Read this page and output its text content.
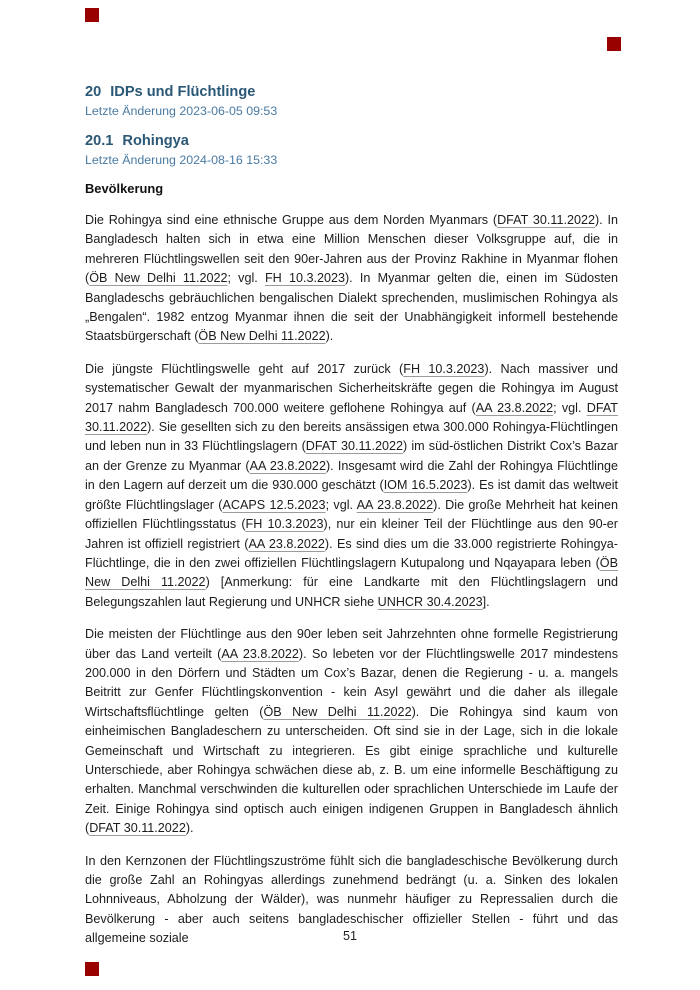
20 IDPs und Flüchtlinge
Letzte Änderung 2023-06-05 09:53
20.1 Rohingya
Letzte Änderung 2024-08-16 15:33
Bevölkerung

Die Rohingya sind eine ethnische Gruppe aus dem Norden Myanmars (DFAT 30.11.2022). In Bangladesch halten sich in etwa eine Million Menschen dieser Volksgruppe auf, die in mehreren Flüchtlingswellen seit den 90er-Jahren aus der Provinz Rakhine in Myanmar flohen (ÖB New Delhi 11.2022; vgl. FH 10.3.2023). In Myanmar gelten die, einen im Südosten Bangladeschs gebräuchlichen bengalischen Dialekt sprechenden, muslimischen Rohingya als „Bengalen“. 1982 entzog Myanmar ihnen die seit der Unabhängigkeit informell bestehende Staatsbürgerschaft (ÖB New Delhi 11.2022).

Die jüngste Flüchtlingswelle geht auf 2017 zurück (FH 10.3.2023). Nach massiver und systematischer Gewalt der myanmarischen Sicherheitskräfte gegen die Rohingya im August 2017 nahm Bangladesch 700.000 weitere geflohene Rohingya auf (AA 23.8.2022; vgl. DFAT 30.11.2022). Sie gesellten sich zu den bereits ansässigen etwa 300.000 Rohingya-Flüchtlingen und leben nun in 33 Flüchtlingslagern (DFAT 30.11.2022) im süd-östlichen Distrikt Cox’s Bazar an der Grenze zu Myanmar (AA 23.8.2022). Insgesamt wird die Zahl der Rohingya Flüchtlinge in den Lagern auf derzeit um die 930.000 geschätzt (IOM 16.5.2023). Es ist damit das weltweit größte Flüchtlingslager (ACAPS 12.5.2023; vgl. AA 23.8.2022). Die große Mehrheit hat keinen offiziellen Flüchtlingsstatus (FH 10.3.2023), nur ein kleiner Teil der Flüchtlinge aus den 90-er Jahren ist offiziell registriert (AA 23.8.2022). Es sind dies um die 33.000 registrierte Rohingya-Flüchtlinge, die in den zwei offiziellen Flüchtlingslagern Kutupalong und Nqayapara leben (ÖB New Delhi 11.2022) [Anmerkung: für eine Landkarte mit den Flüchtlingslagern und Belegungszahlen laut Regierung und UNHCR siehe UNHCR 30.4.2023].

Die meisten der Flüchtlinge aus den 90er leben seit Jahrzehnten ohne formelle Registrierung über das Land verteilt (AA 23.8.2022). So lebeten vor der Flüchtlingswelle 2017 mindestens 200.000 in den Dörfern und Städten um Cox’s Bazar, denen die Regierung - u. a. mangels Beitritt zur Genfer Flüchtlingskonvention - kein Asyl gewährt und die daher als illegale Wirtschaftsflüchtlinge gelten (ÖB New Delhi 11.2022). Die Rohingya sind kaum von einheimischen Bangladeschern zu unterscheiden. Oft sind sie in der Lage, sich in die lokale Gemeinschaft und Wirtschaft zu integrieren. Es gibt einige sprachliche und kulturelle Unterschiede, aber Rohingya schwächen diese ab, z. B. um eine informelle Beschäftigung zu erhalten. Manchmal verschwinden die kulturellen oder sprachlichen Unterschiede im Laufe der Zeit. Einige Rohingya sind optisch auch einigen indigenen Gruppen in Bangladesch ähnlich (DFAT 30.11.2022).

In den Kernzonen der Flüchtlingszuströme fühlt sich die bangladeschische Bevölkerung durch die große Zahl an Rohingyas allerdings zunehmend bedrängt (u. a. Sinken des lokalen Lohnniveaus, Abholzung der Wälder), was nunmehr häufiger zu Repressalien durch die Bevölkerung - aber auch seitens bangladeschischer offizieller Stellen - führt und das allgemeine soziale	51
